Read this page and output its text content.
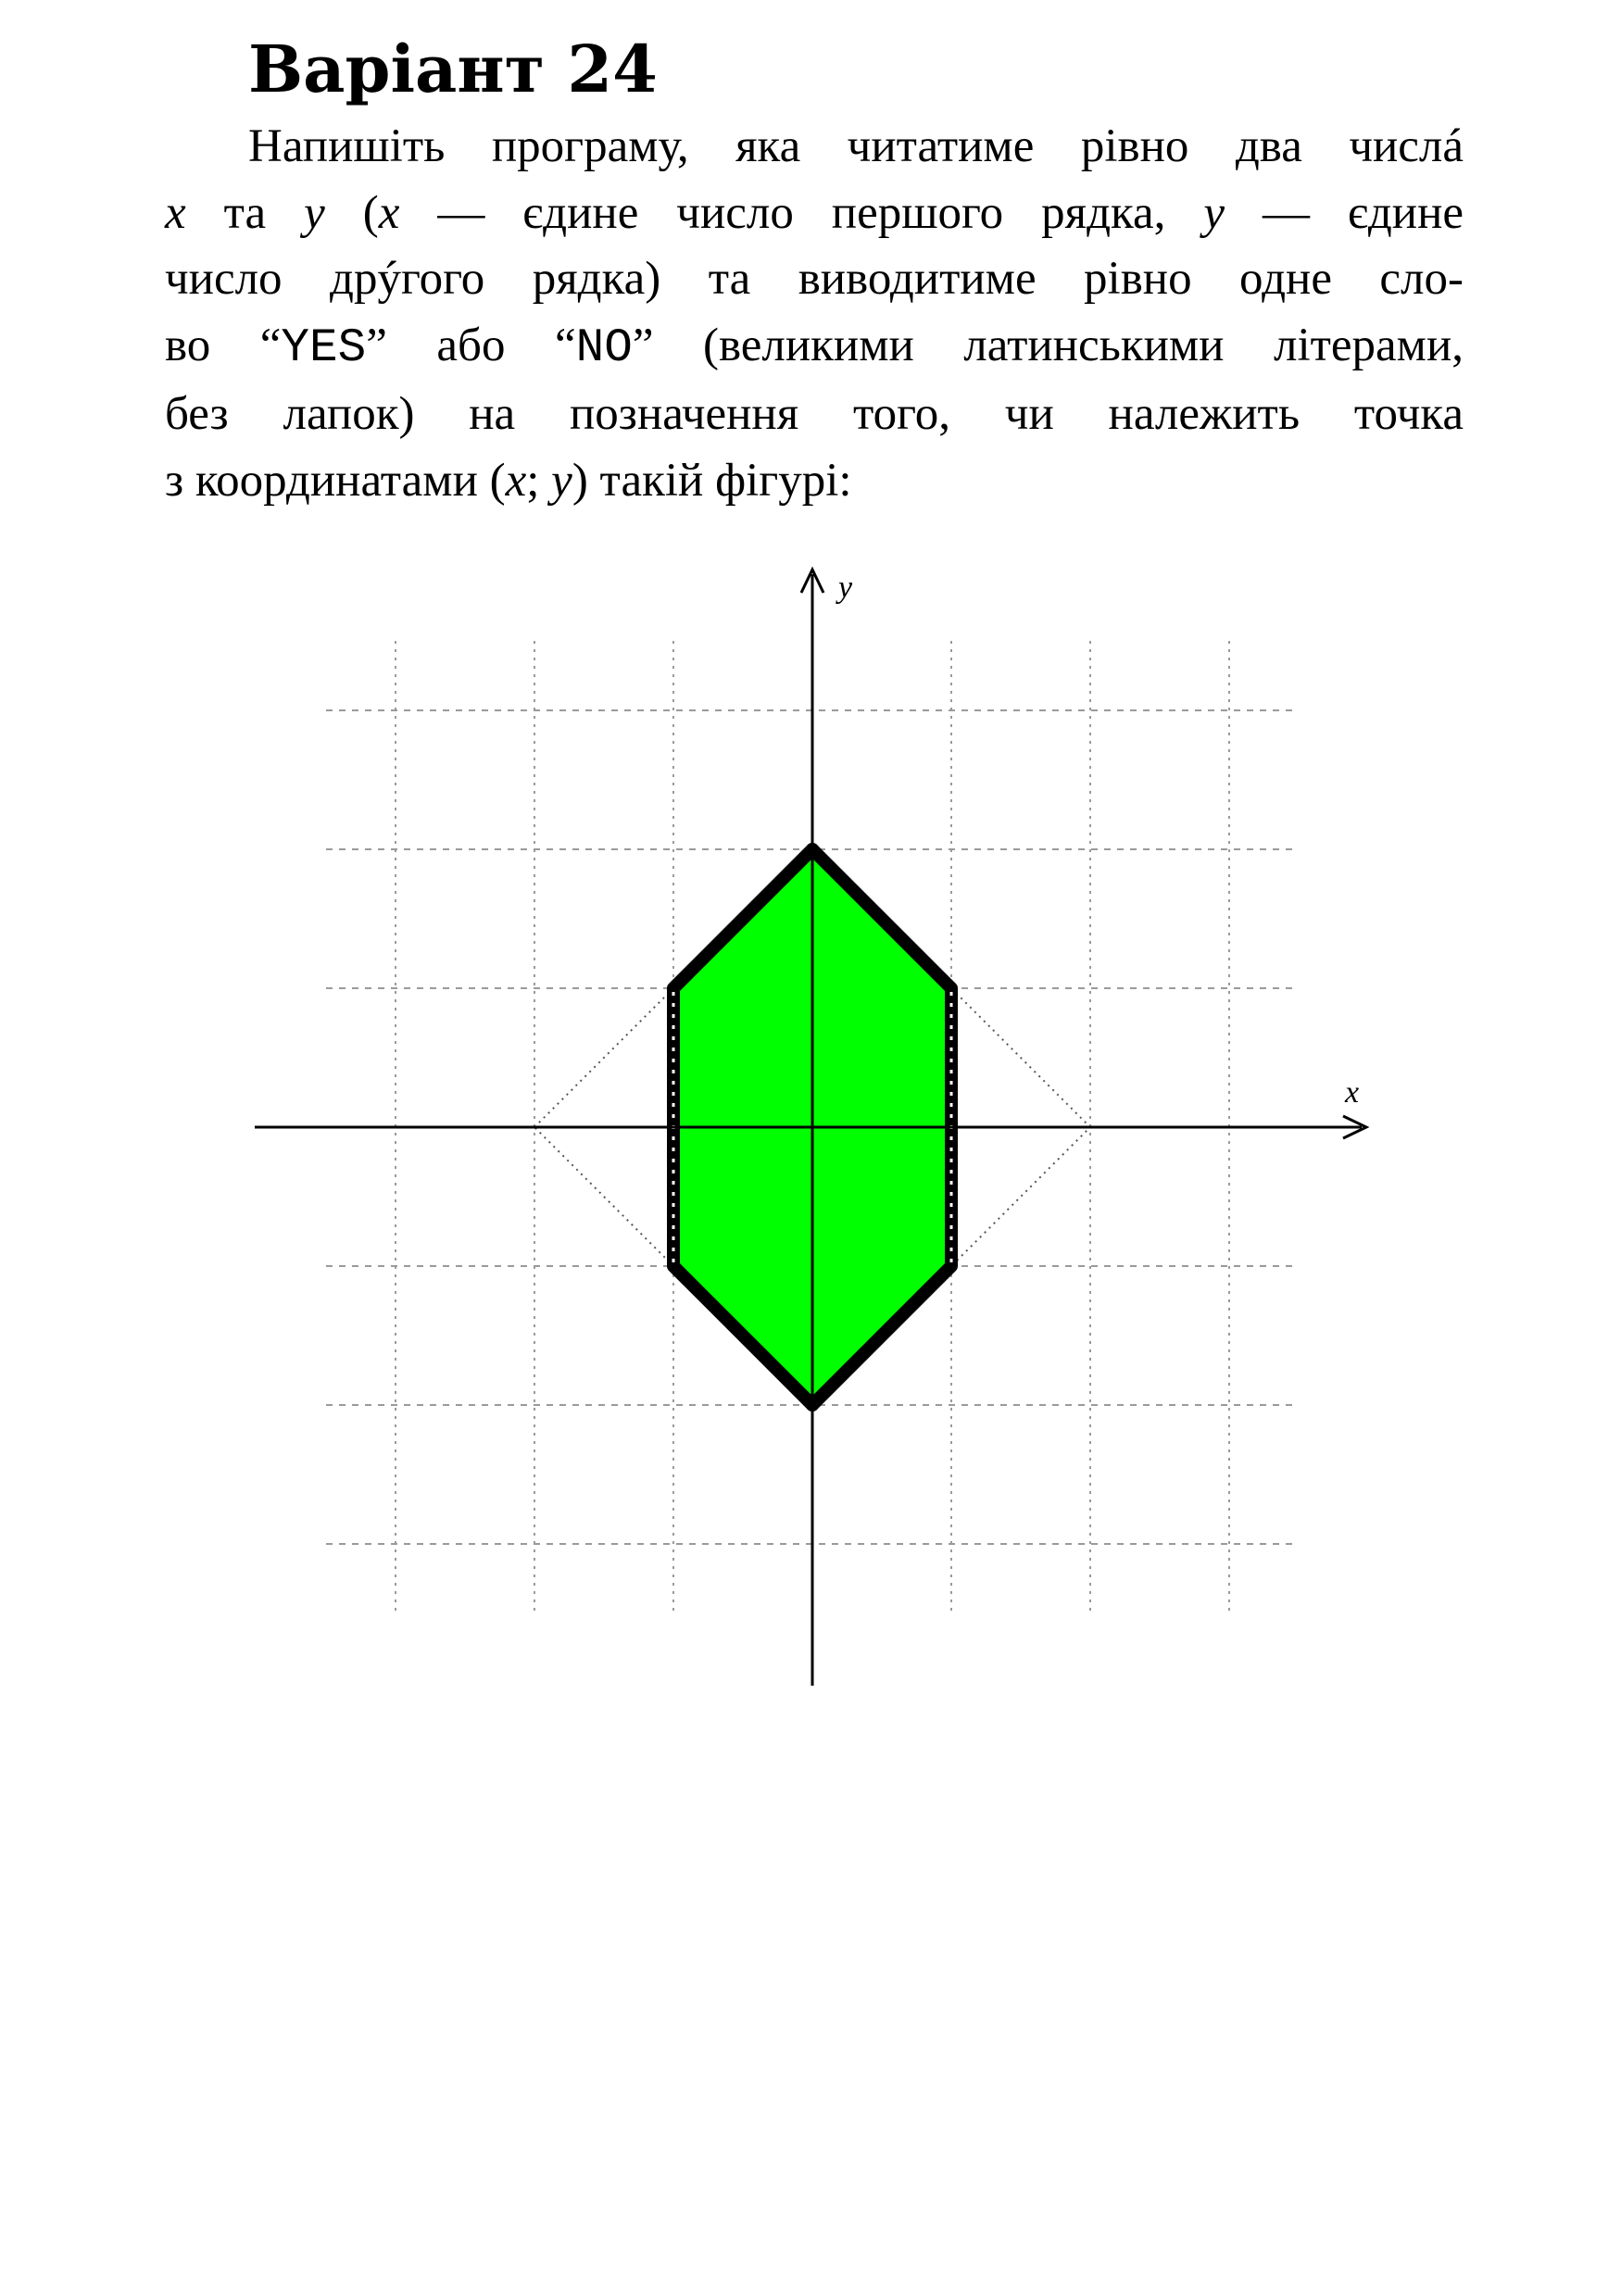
Варіант 24
Напишіть програму, яка читатиме рівно два числá
x та y (x — єдине число першого рядка, y — єдине
число дрýгого рядка) та виводитиме рівно одне сло-
во “YES” або “NO” (великими латинськими літерами,
без лапок) на позначення того, чи належить точка
з координатами (x; y) такій фігурі:
x
y
